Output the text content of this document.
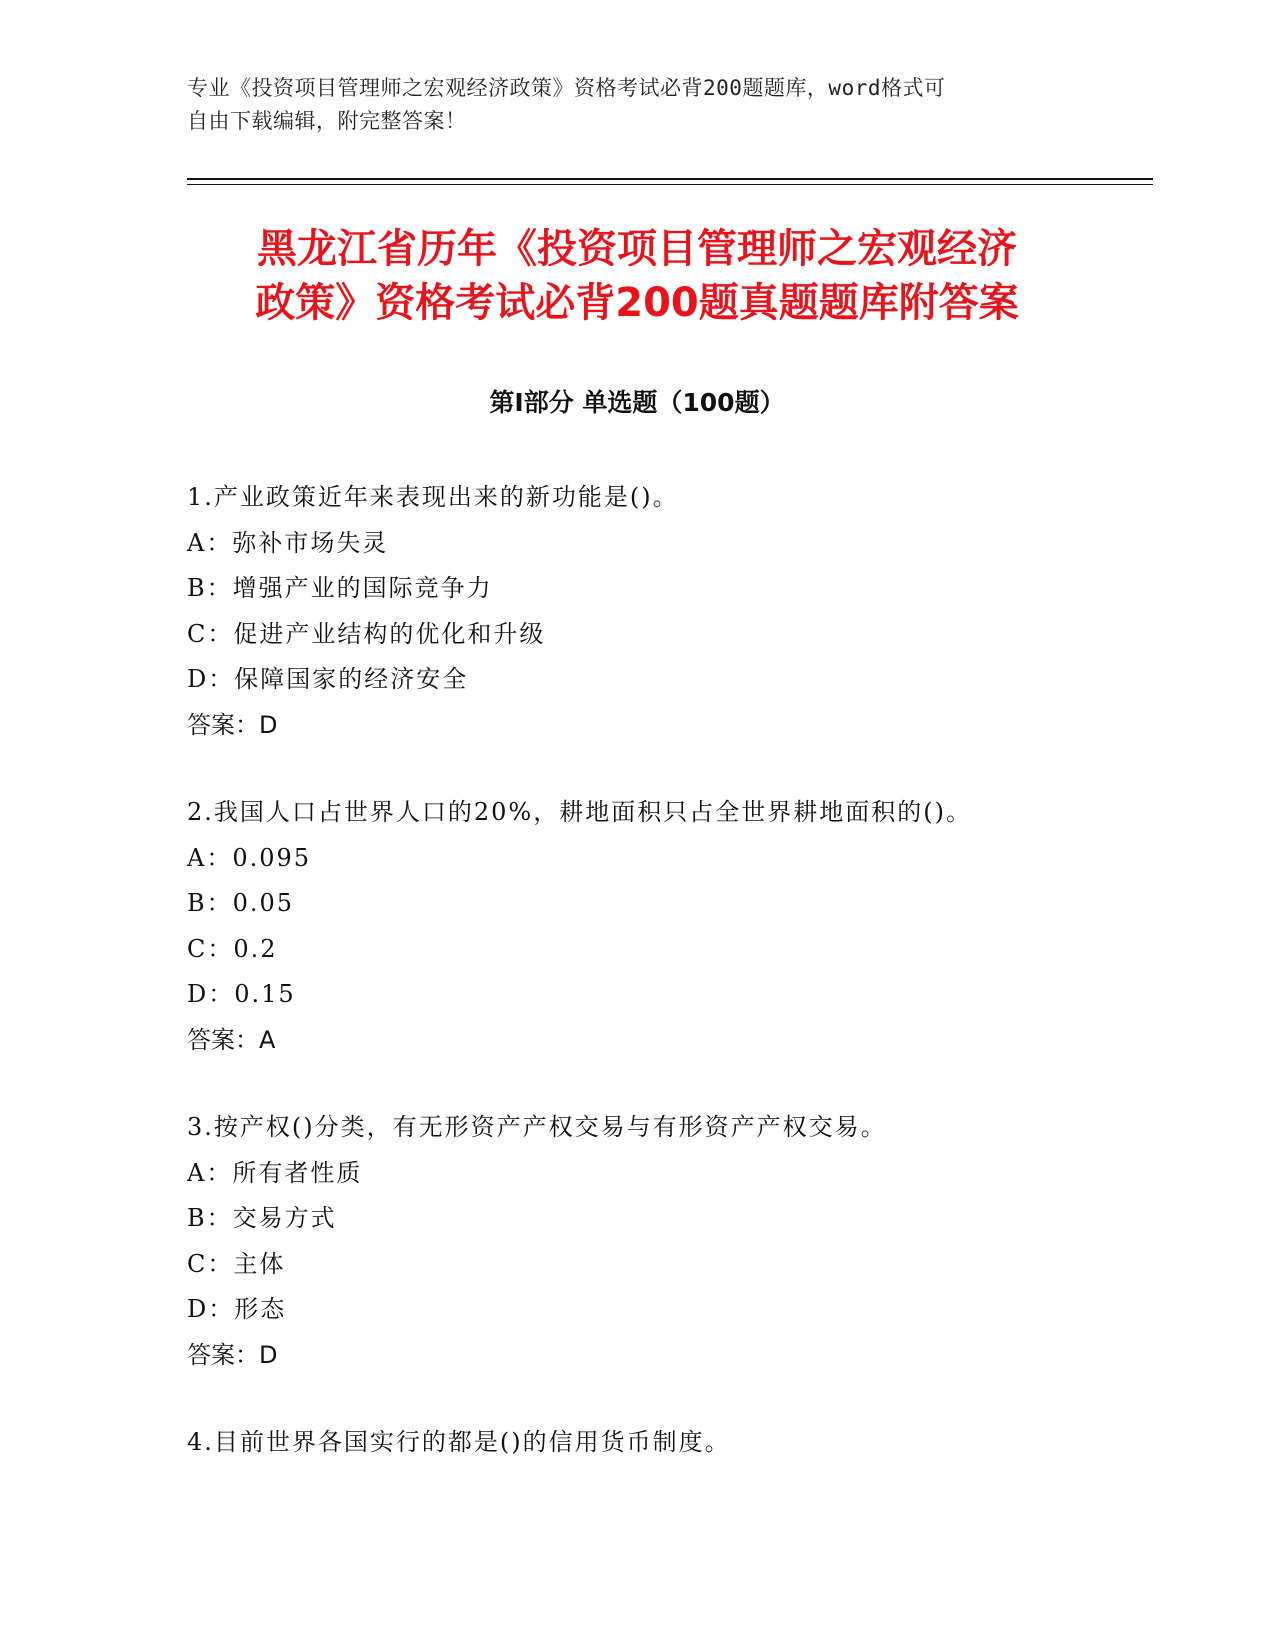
专业《投资项目管理师之宏观经济政策》资格考试必背200题题库，word格式可
自由下载编辑，附完整答案！
黑龙江省历年《投资项目管理师之宏观经济
政策》资格考试必背200题真题题库附答案
第Ⅰ部分 单选题（100题）
1.产业政策近年来表现出来的新功能是()。
A：弥补市场失灵
B：增强产业的国际竞争力
C：促进产业结构的优化和升级
D：保障国家的经济安全
答案：D
2.我国人口占世界人口的20%，耕地面积只占全世界耕地面积的()。
A：0.095
B：0.05
C：0.2
D：0.15
答案：A
3.按产权()分类，有无形资产产权交易与有形资产产权交易。
A：所有者性质
B：交易方式
C：主体
D：形态
答案：D
4.目前世界各国实行的都是()的信用货币制度。
